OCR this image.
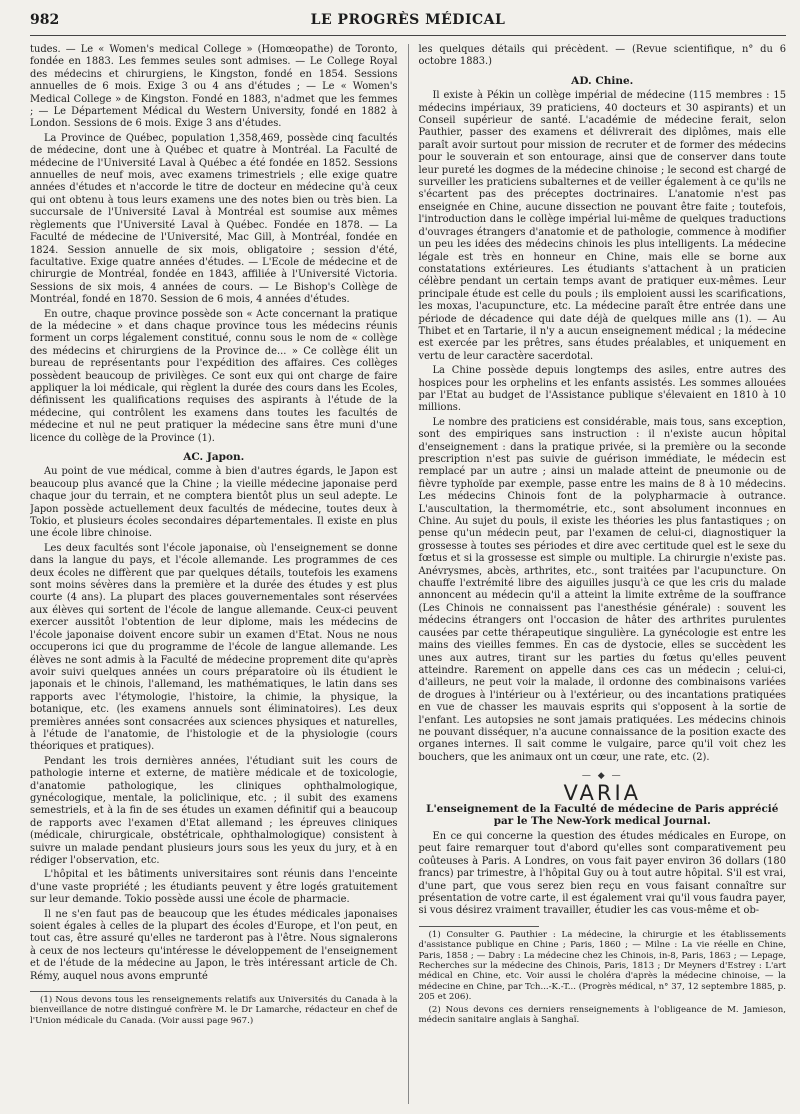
982	LE PROGRÈS MÉDICAL

tudes. — Le « Women's medical College » (Homœopathe) de Toronto, fondée en 1883. Les femmes seules sont admises. — Le College Royal des médecins et chirurgiens, le Kingston, fondé en 1854. Sessions annuelles de 6 mois. Exige 3 ou 4 ans d'études ; — Le « Women's Medical College » de Kingston. Fondé en 1883, n'admet que les femmes ; — Le Département Médical du Western University, fondé en 1882 à London. Sessions de 6 mois. Exige 3 ans d'études.

La Province de Québec, population 1,358,469, possède cinq facultés de médecine, dont une à Québec et quatre à Montréal. La Faculté de médecine de l'Université Laval à Québec a été fondée en 1852. Sessions annuelles de neuf mois, avec examens trimestriels ; elle exige quatre années d'études et n'accorde le titre de docteur en médecine qu'à ceux qui ont obtenu à tous leurs examens une des notes bien ou très bien. La succursale de l'Université Laval à Montréal est soumise aux mêmes règlements que l'Université Laval à Québec. Fondée en 1878. — La Faculté de médecine de l'Université, Mac Gill, à Montréal, fondée en 1824. Session annuelle de six mois, obligatoire ; session d'été, facultative. Exige quatre années d'études. — L'Ecole de médecine et de chirurgie de Montréal, fondée en 1843, affiliée à l'Université Victoria. Sessions de six mois, 4 années de cours. — Le Bishop's Collège de Montréal, fondé en 1870. Session de 6 mois, 4 années d'études.

En outre, chaque province possède son « Acte concernant la pratique de la médecine » et dans chaque province tous les médecins réunis forment un corps légalement constitué, connu sous le nom de « collège des médecins et chirurgiens de la Province de... » Ce collège élit un bureau de représentants pour l'expédition des affaires. Ces collèges possèdent beaucoup de privilèges. Ce sont eux qui ont charge de faire appliquer la loi médicale, qui règlent la durée des cours dans les Ecoles, définissent les qualifications requises des aspirants à l'étude de la médecine, qui contrôlent les examens dans toutes les facultés de médecine et nul ne peut pratiquer la médecine sans être muni d'une licence du collège de la Province (1).

AC. Japon.

Au point de vue médical, comme à bien d'autres égards, le Japon est beaucoup plus avancé que la Chine ; la vieille médecine japonaise perd chaque jour du terrain, et ne comptera bientôt plus un seul adepte. Le Japon possède actuellement deux facultés de médecine, toutes deux à Tokio, et plusieurs écoles secondaires départementales. Il existe en plus une école libre chinoise.

Les deux facultés sont l'école japonaise, où l'enseignement se donne dans la langue du pays, et l'école allemande. Les programmes de ces deux écoles ne diffèrent que par quelques détails, toutefois les examens sont moins sévères dans la première et la durée des études y est plus courte (4 ans). La plupart des places gouvernementales sont réservées aux élèves qui sortent de l'école de langue allemande. Ceux-ci peuvent exercer aussitôt l'obtention de leur diplome, mais les médecins de l'école japonaise doivent encore subir un examen d'Etat. Nous ne nous occuperons ici que du programme de l'école de langue allemande. Les élèves ne sont admis à la Faculté de médecine proprement dite qu'après avoir suivi quelques années un cours préparatoire où ils étudient le japonais et le chinois, l'allemand, les mathématiques, le latin dans ses rapports avec l'étymologie, l'histoire, la chimie, la physique, la botanique, etc. (les examens annuels sont éliminatoires). Les deux premières années sont consacrées aux sciences physiques et naturelles, à l'étude de l'anatomie, de l'histologie et de la physiologie (cours théoriques et pratiques).

Pendant les trois dernières années, l'étudiant suit les cours de pathologie interne et externe, de matière médicale et de toxicologie, d'anatomie pathologique, les cliniques ophthalmologique, gynécologique, mentale, la policlinique, etc. ; il subit des examens semestriels, et à la fin de ses études un examen définitif qui a beaucoup de rapports avec l'examen d'Etat allemand ; les épreuves cliniques (médicale, chirurgicale, obstétricale, ophthalmologique) consistent à suivre un malade pendant plusieurs jours sous les yeux du jury, et à en rédiger l'observation, etc.

L'hôpital et les bâtiments universitaires sont réunis dans l'enceinte d'une vaste propriété ; les étudiants peuvent y être logés gratuitement sur leur demande. Tokio possède aussi une école de pharmacie.

Il ne s'en faut pas de beaucoup que les études médicales japonaises soient égales à celles de la plupart des écoles d'Europe, et l'on peut, en tout cas, être assuré qu'elles ne tarderont pas à l'être. Nous signalerons à ceux de nos lecteurs qu'intéresse le développement de l'enseignement et de l'étude de la médecine au Japon, le très intéressant article de Ch. Rémy, auquel nous avons emprunté

(1) Nous devons tous les renseignements relatifs aux Universités du Canada à la bienveillance de notre distingué confrère M. le Dr Lamarche, rédacteur en chef de l'Union médicale du Canada. (Voir aussi page 967.)

les quelques détails qui précèdent. — (Revue scientifique, n° du 6 octobre 1883.)

AD. Chine.

Il existe à Pékin un collège impérial de médecine (115 membres : 15 médecins impériaux, 39 praticiens, 40 docteurs et 30 aspirants) et un Conseil supérieur de santé. L'académie de médecine ferait, selon Pauthier, passer des examens et délivrerait des diplômes, mais elle paraît avoir surtout pour mission de recruter et de former des médecins pour le souverain et son entourage, ainsi que de conserver dans toute leur pureté les dogmes de la médecine chinoise ; le second est chargé de surveiller les praticiens subalternes et de veiller également à ce qu'ils ne s'écartent pas des préceptes doctrinaires. L'anatomie n'est pas enseignée en Chine, aucune dissection ne pouvant être faite ; toutefois, l'introduction dans le collège impérial lui-même de quelques traductions d'ouvrages étrangers d'anatomie et de pathologie, commence à modifier un peu les idées des médecins chinois les plus intelligents. La médecine légale est très en honneur en Chine, mais elle se borne aux constatations extérieures. Les étudiants s'attachent à un praticien célèbre pendant un certain temps avant de pratiquer eux-mêmes. Leur principale étude est celle du pouls ; ils emploient aussi les scarifications, les moxas, l'acupuncture, etc. La médecine paraît être entrée dans une période de décadence qui date déjà de quelques mille ans (1). — Au Thibet et en Tartarie, il n'y a aucun enseignement médical ; la médecine est exercée par les prêtres, sans études préalables, et uniquement en vertu de leur caractère sacerdotal.

La Chine possède depuis longtemps des asiles, entre autres des hospices pour les orphelins et les enfants assistés. Les sommes allouées par l'Etat au budget de l'Assistance publique s'élevaient en 1810 à 10 millions.

Le nombre des praticiens est considérable, mais tous, sans exception, sont des empiriques sans instruction : il n'existe aucun hôpital d'enseignement : dans la pratique privée, si la première ou la seconde prescription n'est pas suivie de guérison immédiate, le médecin est remplacé par un autre ; ainsi un malade atteint de pneumonie ou de fièvre typhoïde par exemple, passe entre les mains de 8 à 10 médecins. Les médecins Chinois font de la polypharmacie à outrance. L'auscultation, la thermométrie, etc., sont absolument inconnues en Chine. Au sujet du pouls, il existe les théories les plus fantastiques ; on pense qu'un médecin peut, par l'examen de celui-ci, diagnostiquer la grossesse à toutes ses périodes et dire avec certitude quel est le sexe du fœtus et si la grossesse est simple ou multiple. La chirurgie n'existe pas. Anévrysmes, abcès, arthrites, etc., sont traitées par l'acupuncture. On chauffe l'extrémité libre des aiguilles jusqu'à ce que les cris du malade annoncent au médecin qu'il a atteint la limite extrême de la souffrance (Les Chinois ne connaissent pas l'anesthésie générale) : souvent les médecins étrangers ont l'occasion de hâter des arthrites purulentes causées par cette thérapeutique singulière. La gynécologie est entre les mains des vieilles femmes. En cas de dystocie, elles se succèdent les unes aux autres, tirant sur les parties du fœtus qu'elles peuvent atteindre. Rarement on appelle dans ces cas un médecin ; celui-ci, d'ailleurs, ne peut voir la malade, il ordonne des combinaisons variées de drogues à l'intérieur ou à l'extérieur, ou des incantations pratiquées en vue de chasser les mauvais esprits qui s'opposent à la sortie de l'enfant. Les autopsies ne sont jamais pratiquées. Les médecins chinois ne pouvant disséquer, n'a aucune connaissance de la position exacte des organes internes. Il sait comme le vulgaire, parce qu'il voit chez les bouchers, que les animaux ont un cœur, une rate, etc. (2).

— ◆ —
VARIA
L'enseignement de la Faculté de médecine de Paris apprécié par le The New-York medical Journal.

En ce qui concerne la question des études médicales en Europe, on peut faire remarquer tout d'abord qu'elles sont comparativement peu coûteuses à Paris. A Londres, on vous fait payer environ 36 dollars (180 francs) par trimestre, à l'hôpital Guy ou à tout autre hôpital. S'il est vrai, d'une part, que vous serez bien reçu en vous faisant connaître sur présentation de votre carte, il est également vrai qu'il vous faudra payer, si vous désirez vraiment travailler, étudier les cas vous-même et ob-

(1) Consulter G. Pauthier : La médecine, la chirurgie et les établissements d'assistance publique en Chine ; Paris, 1860 ; — Milne : La vie réelle en Chine, Paris, 1858 ; — Dabry : La médecine chez les Chinois, in-8, Paris, 1863 ; — Lepage, Recherches sur la médecine des Chinois, Paris, 1813 ; Dr Meyners d'Estrey : L'art médical en Chine, etc. Voir aussi le choléra d'après la médecine chinoise, — la médecine en Chine, par Tch...-K.-T... (Progrès médical, n° 37, 12 septembre 1885, p. 205 et 206).

(2) Nous devons ces derniers renseignements à l'obligeance de M. Jamieson, médecin sanitaire anglais à Sanghaï.
